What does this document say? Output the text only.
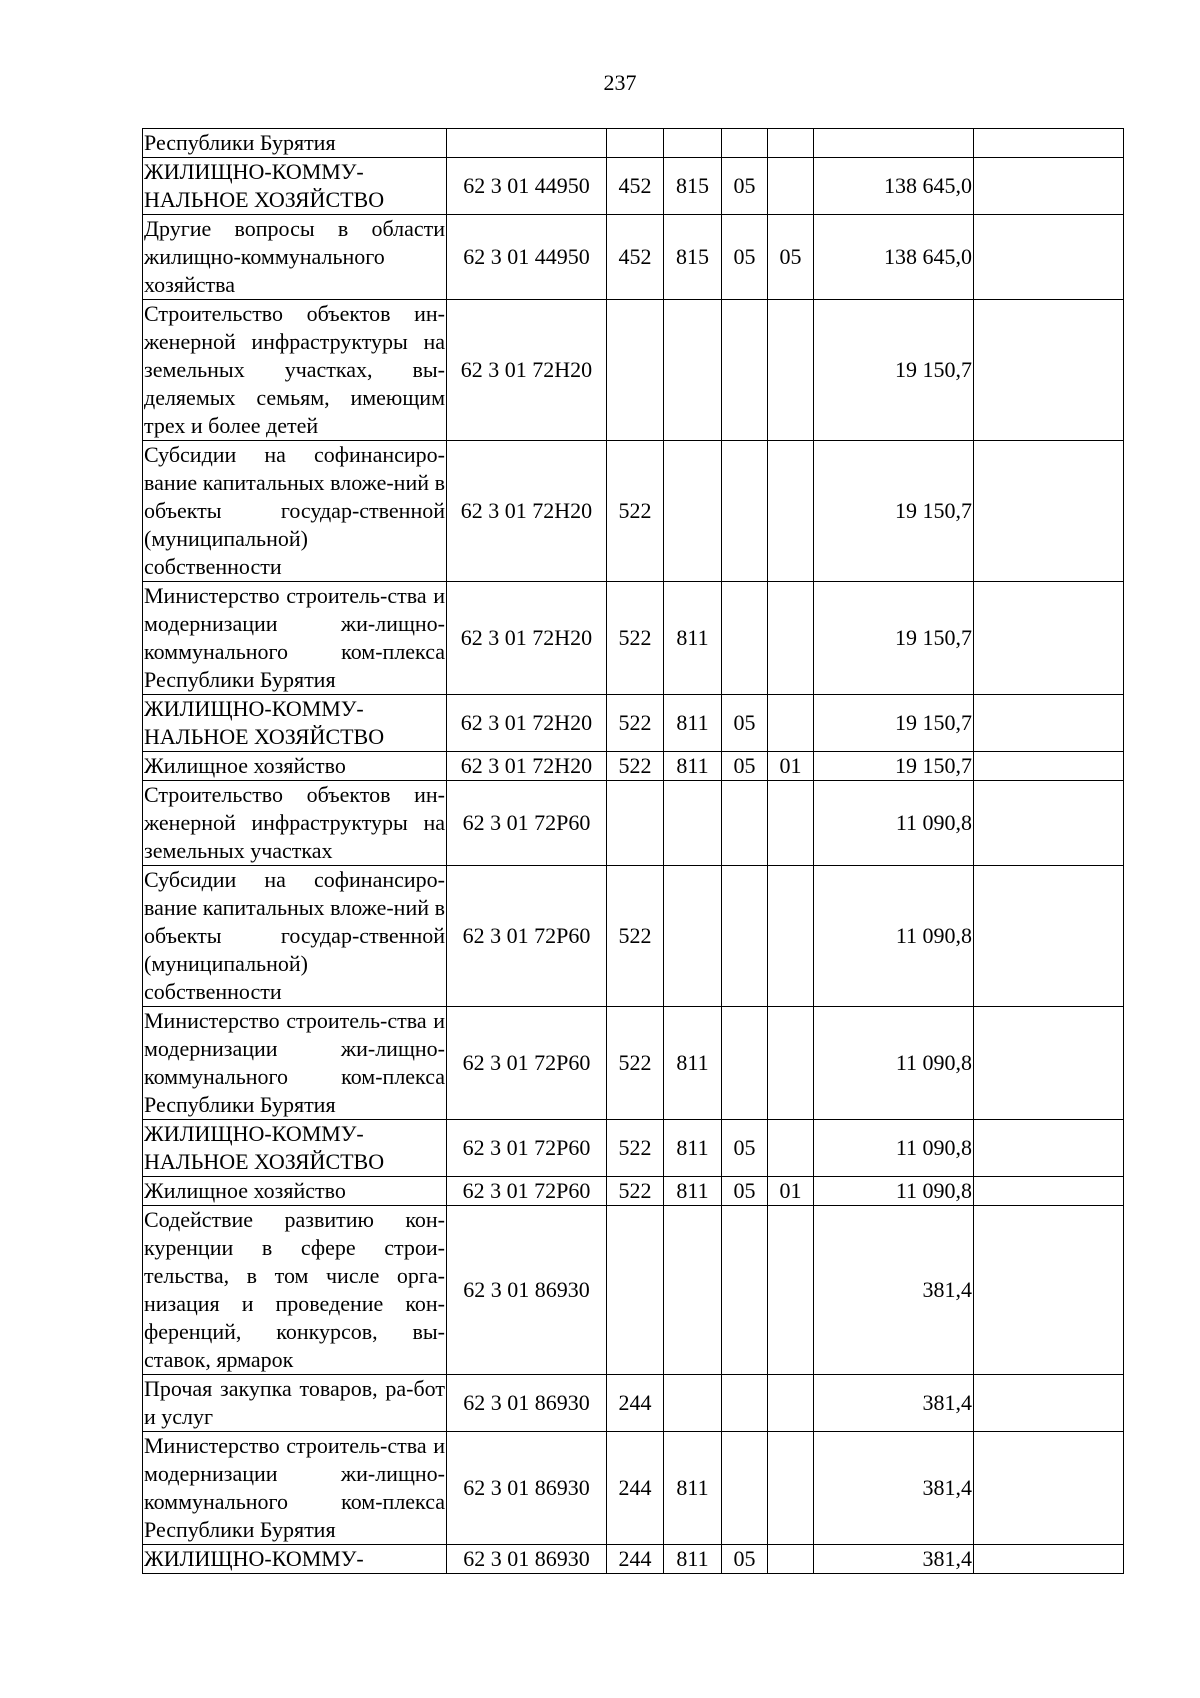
237
Республики Бурятия							
ЖИЛИЩНО-КОММУ-
НАЛЬНОЕ ХОЗЯЙСТВО	62 3 01 44950	452	815	05		138 645,0	
Другие вопросы в области жилищно-коммунального хозяйства	62 3 01 44950	452	815	05	05	138 645,0	
Строительство объектов ин-женерной инфраструктуры на земельных участках, вы-деляемых семьям, имеющим трех и более детей	62 3 01 72Н20					19 150,7	
Субсидии на софинансиро-вание капитальных вложе-ний в объекты государ-ственной (муниципальной) собственности	62 3 01 72Н20	522				19 150,7	
Министерство строитель-ства и модернизации жи-лищно-коммунального ком-плекса Республики Бурятия	62 3 01 72Н20	522	811			19 150,7	
ЖИЛИЩНО-КОММУ-
НАЛЬНОЕ ХОЗЯЙСТВО	62 3 01 72Н20	522	811	05		19 150,7	
Жилищное хозяйство	62 3 01 72Н20	522	811	05	01	19 150,7	
Строительство объектов ин-женерной инфраструктуры на земельных участках	62 3 01 72Р60					11 090,8	
Субсидии на софинансиро-вание капитальных вложе-ний в объекты государ-ственной (муниципальной) собственности	62 3 01 72Р60	522				11 090,8	
Министерство строитель-ства и модернизации жи-лищно-коммунального ком-плекса Республики Бурятия	62 3 01 72Р60	522	811			11 090,8	
ЖИЛИЩНО-КОММУ-
НАЛЬНОЕ ХОЗЯЙСТВО	62 3 01 72Р60	522	811	05		11 090,8	
Жилищное хозяйство	62 3 01 72Р60	522	811	05	01	11 090,8	
Содействие развитию кон-куренции в сфере строи-тельства, в том числе орга-низация и проведение кон-ференций, конкурсов, вы-ставок, ярмарок	62 3 01 86930					381,4	
Прочая закупка товаров, ра-бот и услуг	62 3 01 86930	244				381,4	
Министерство строитель-ства и модернизации жи-лищно-коммунального ком-плекса Республики Бурятия	62 3 01 86930	244	811			381,4	
ЖИЛИЩНО-КОММУ-	62 3 01 86930	244	811	05		381,4	
